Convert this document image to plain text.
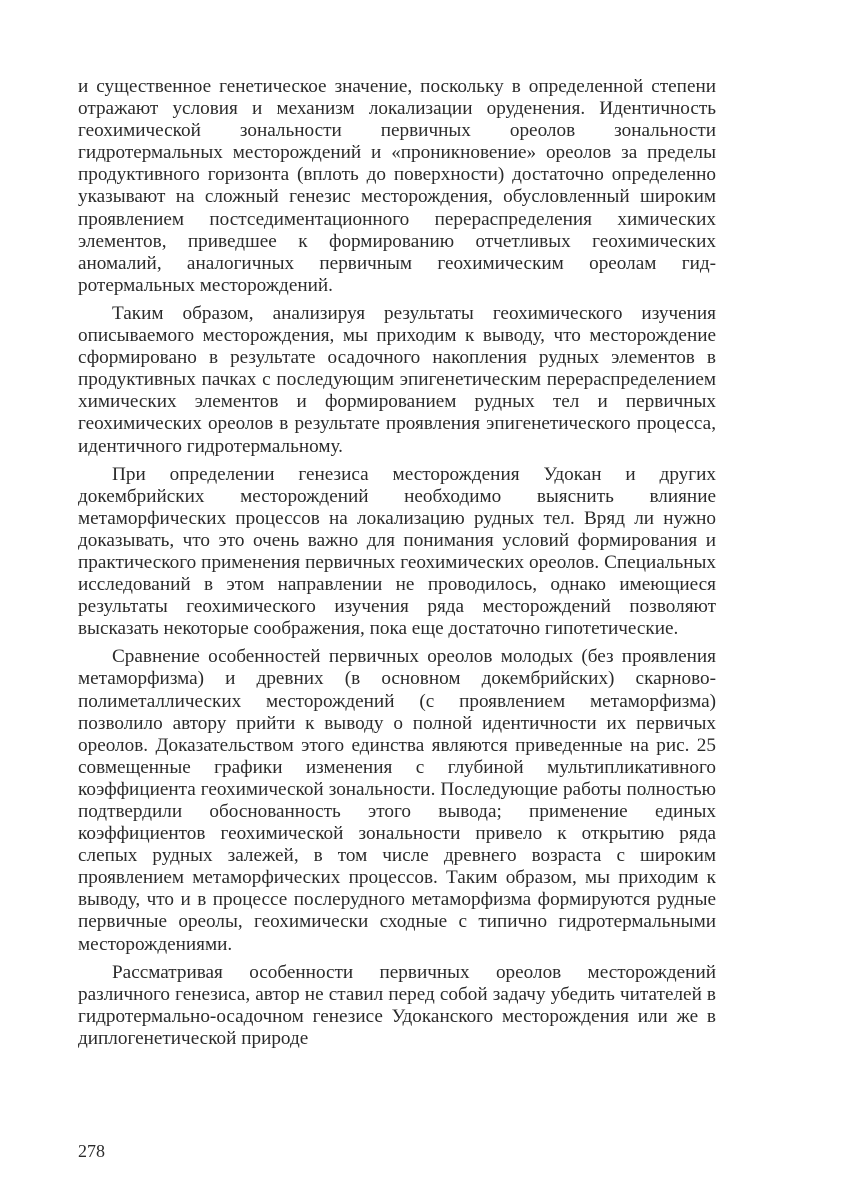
и существенное генетическое значение, поскольку в определенной степени отражают условия и механизм локализации оруденения. Идентичность геохимической зональности первичных ореолов зональности гидротермальных месторождений и «проникновение» ореолов за пределы продуктивного горизонта (вплоть до поверхности) достаточно определенно указывают на сложный генезис месторождения, обусловленный широким проявлением постседиментационного перераспределения химических элементов, приведшее к формированию отчетливых геохимических аномалий, аналогичных первичным геохимическим ореолам гидротермальных месторождений.

Таким образом, анализируя результаты геохимического изучения описываемого месторождения, мы приходим к выводу, что месторождение сформировано в результате осадочного накопления рудных элементов в продуктивных пачках с последующим эпигенетическим перераспределением химических элементов и формированием рудных тел и первичных геохимических ореолов в результате проявления эпигенетического процесса, идентичного гидротермальному.

При определении генезиса месторождения Удокан и других докембрийских месторождений необходимо выяснить влияние метаморфических процессов на локализацию рудных тел. Вряд ли нужно доказывать, что это очень важно для понимания условий формирования и практического применения первичных геохимических ореолов. Специальных исследований в этом направлении не проводилось, однако имеющиеся результаты геохимического изучения ряда месторождений позволяют высказать некоторые соображения, пока еще достаточно гипотетические.

Сравнение особенностей первичных ореолов молодых (без проявления метаморфизма) и древних (в основном докембрийских) скарново-полиметаллических месторождений (с проявлением метаморфизма) позволило автору прийти к выводу о полной идентичности их первичых ореолов. Доказательством этого единства являются приведенные на рис. 25 совмещенные графики изменения с глубиной мультипликативного коэффициента геохимической зональности. Последующие работы полностью подтвердили обоснованность этого вывода; применение единых коэффициентов геохимической зональности привело к открытию ряда слепых рудных залежей, в том числе древнего возраста с широким проявлением метаморфических процессов. Таким образом, мы приходим к выводу, что и в процессе послерудного метаморфизма формируются рудные первичные ореолы, геохимически сходные с типично гидротермальными месторождениями.

Рассматривая особенности первичных ореолов месторождений различного генезиса, автор не ставил перед собой задачу убедить читателей в гидротермально-осадочном генезисе Удоканского месторождения или же в диплогенетической природе

278
